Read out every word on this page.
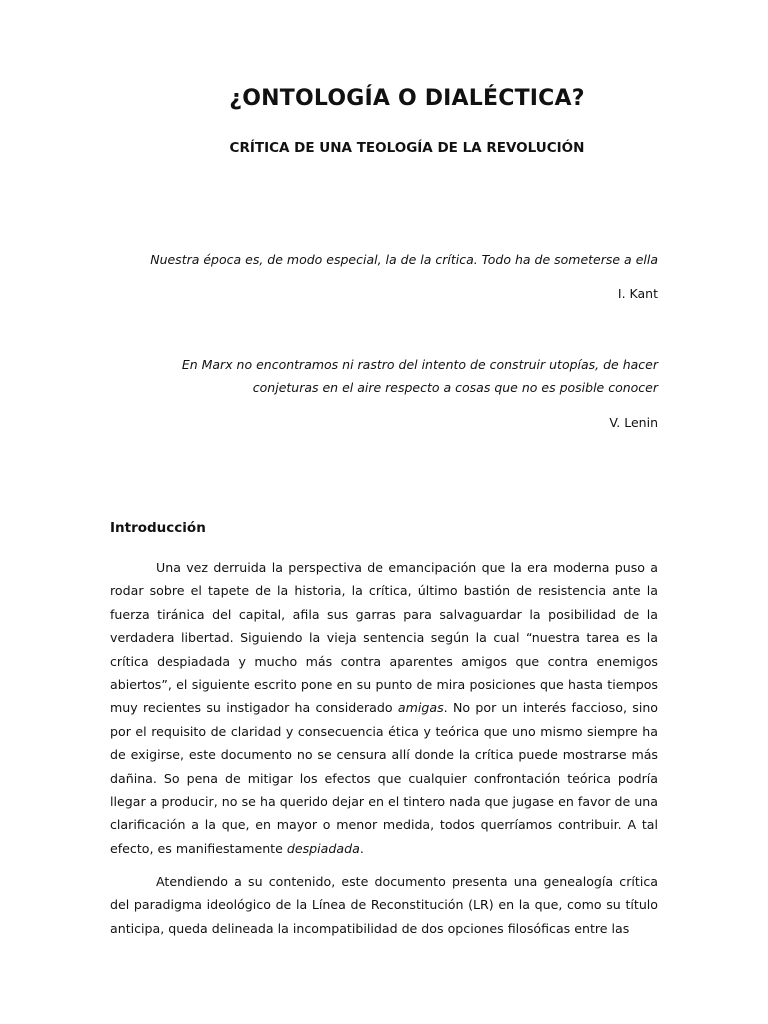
¿ONTOLOGÍA O DIALÉCTICA?
CRÍTICA DE UNA TEOLOGÍA DE LA REVOLUCIÓN
Nuestra época es, de modo especial, la de la crítica. Todo ha de someterse a ella
I. Kant
En Marx no encontramos ni rastro del intento de construir utopías, de hacer
conjeturas en el aire respecto a cosas que no es posible conocer
V. Lenin
Introducción

Una vez derruida la perspectiva de emancipación que la era moderna puso a rodar sobre el tapete de la historia, la crítica, último bastión de resistencia ante la fuerza tiránica del capital, afila sus garras para salvaguardar la posibilidad de la verdadera libertad. Siguiendo la vieja sentencia según la cual “nuestra tarea es la crítica despiadada y mucho más contra aparentes amigos que contra enemigos abiertos”, el siguiente escrito pone en su punto de mira posiciones que hasta tiempos muy recientes su instigador ha considerado amigas. No por un interés faccioso, sino por el requisito de claridad y consecuencia ética y teórica que uno mismo siempre ha de exigirse, este documento no se censura allí donde la crítica puede mostrarse más dañina. So pena de mitigar los efectos que cualquier confrontación teórica podría llegar a producir, no se ha querido dejar en el tintero nada que jugase en favor de una clarificación a la que, en mayor o menor medida, todos querríamos contribuir. A tal efecto, es manifiestamente despiadada.

Atendiendo a su contenido, este documento presenta una genealogía crítica del paradigma ideológico de la Línea de Reconstitución (LR) en la que, como su título anticipa, queda delineada la incompatibilidad de dos opciones filosóficas entre las
